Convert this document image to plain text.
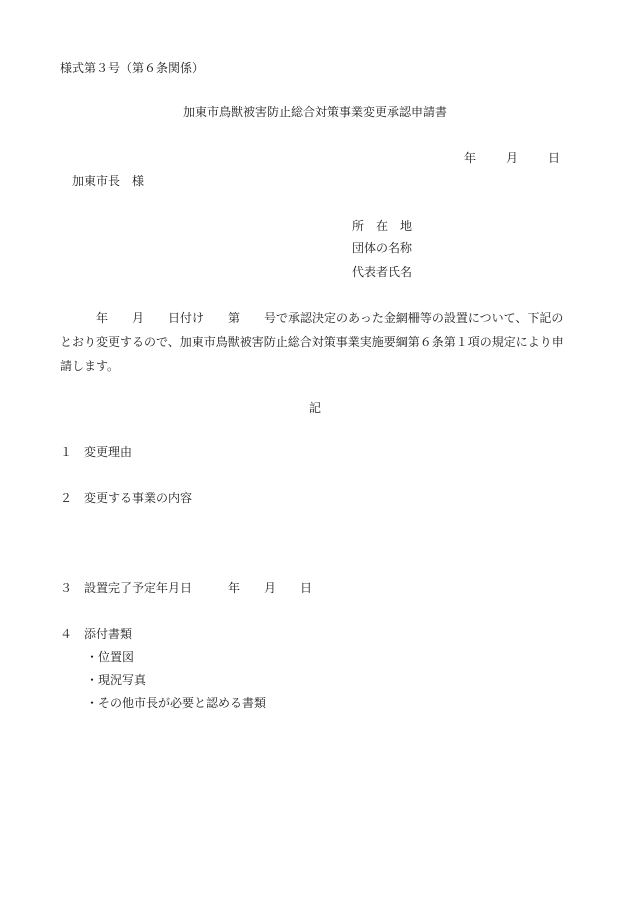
様式第３号（第６条関係）
加東市鳥獣被害防止総合対策事業変更承認申請書
年	月	日
加東市長　様
所　在　地
団体の名称
代表者氏名
年　　月　　日付け　　第　　号で承認決定のあった金網柵等の設置について、下記のとおり変更するので、加東市鳥獣被害防止総合対策事業実施要綱第６条第１項の規定により申請します。
記
１ 変更理由
２ 変更する事業の内容
３ 設置完了予定年月日	年　　月　　日
４ 添付書類
・位置図
・現況写真
・その他市長が必要と認める書類
